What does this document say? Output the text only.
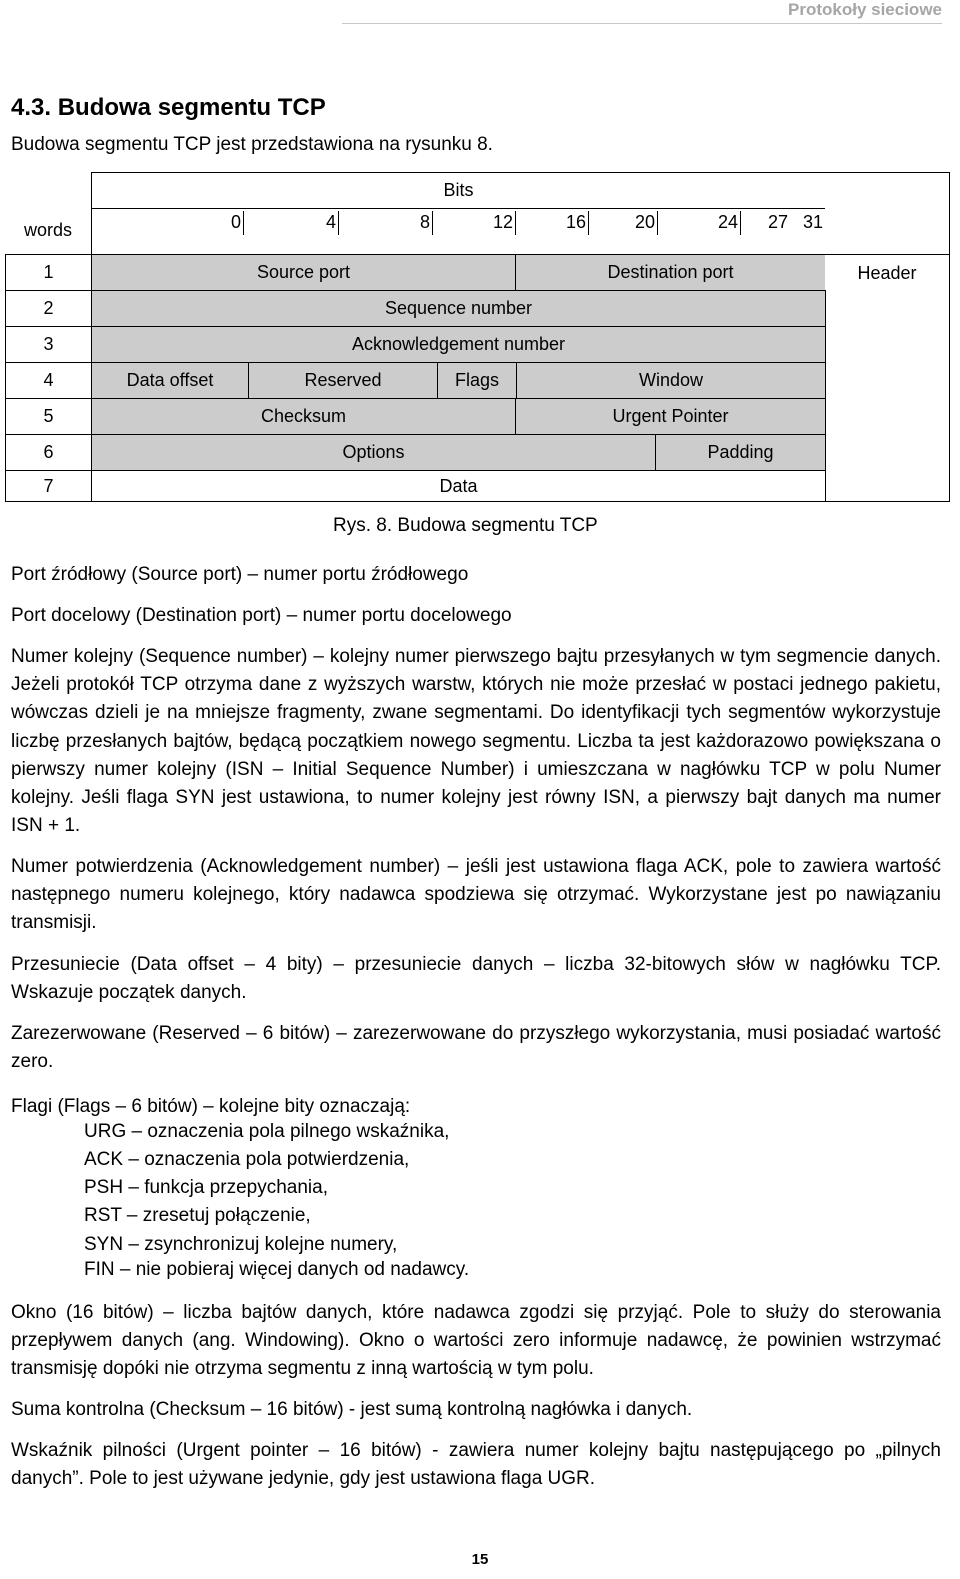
Protokoły sieciowe
4.3. Budowa segmentu TCP
Budowa segmentu TCP jest przedstawiona na rysunku 8.
words
Bits
0	4	8	12	16	20	24 27 31
1	Source port	Destination port	Header
2	Sequence number
3	Acknowledgement number
4	Data offset	Reserved	Flags	Window
5	Checksum	Urgent Pointer
6	Options	Padding
7	Data
Rys. 8. Budowa segmentu TCP

Port źródłowy (Source port) – numer portu źródłowego

Port docelowy (Destination port) – numer portu docelowego

Numer kolejny (Sequence number) – kolejny numer pierwszego bajtu przesyłanych w tym segmencie danych. Jeżeli protokół TCP otrzyma dane z wyższych warstw, których nie może przesłać w postaci jednego pakietu, wówczas dzieli je na mniejsze fragmenty, zwane segmentami. Do identyfikacji tych segmentów wykorzystuje liczbę przesłanych bajtów, będącą początkiem nowego segmentu. Liczba ta jest każdorazowo powiększana o pierwszy numer kolejny (ISN – Initial Sequence Number) i umieszczana w nagłówku TCP w polu Numer kolejny. Jeśli flaga SYN jest ustawiona, to numer kolejny jest równy ISN, a pierwszy bajt danych ma numer ISN + 1.

Numer potwierdzenia (Acknowledgement number) – jeśli jest ustawiona flaga ACK, pole to zawiera wartość następnego numeru kolejnego, który nadawca spodziewa się otrzymać. Wykorzystane jest po nawiązaniu transmisji.

Przesuniecie (Data offset – 4 bity) – przesuniecie danych – liczba 32-bitowych słów w nagłówku TCP. Wskazuje początek danych.

Zarezerwowane (Reserved – 6 bitów) – zarezerwowane do przyszłego wykorzystania, musi posiadać wartość zero.

Flagi (Flags – 6 bitów) – kolejne bity oznaczają:

URG – oznaczenia pola pilnego wskaźnika,
ACK – oznaczenia pola potwierdzenia,
PSH – funkcja przepychania,
RST – zresetuj połączenie,
SYN – zsynchronizuj kolejne numery,
FIN – nie pobieraj więcej danych od nadawcy.

Okno (16 bitów) – liczba bajtów danych, które nadawca zgodzi się przyjąć. Pole to służy do sterowania przepływem danych (ang. Windowing). Okno o wartości zero informuje nadawcę, że powinien wstrzymać transmisję dopóki nie otrzyma segmentu z inną wartością w tym polu.

Suma kontrolna (Checksum – 16 bitów) - jest sumą kontrolną nagłówka i danych.

Wskaźnik pilności (Urgent pointer – 16 bitów) - zawiera numer kolejny bajtu następującego po „pilnych danych”. Pole to jest używane jedynie, gdy jest ustawiona flaga UGR.

15
